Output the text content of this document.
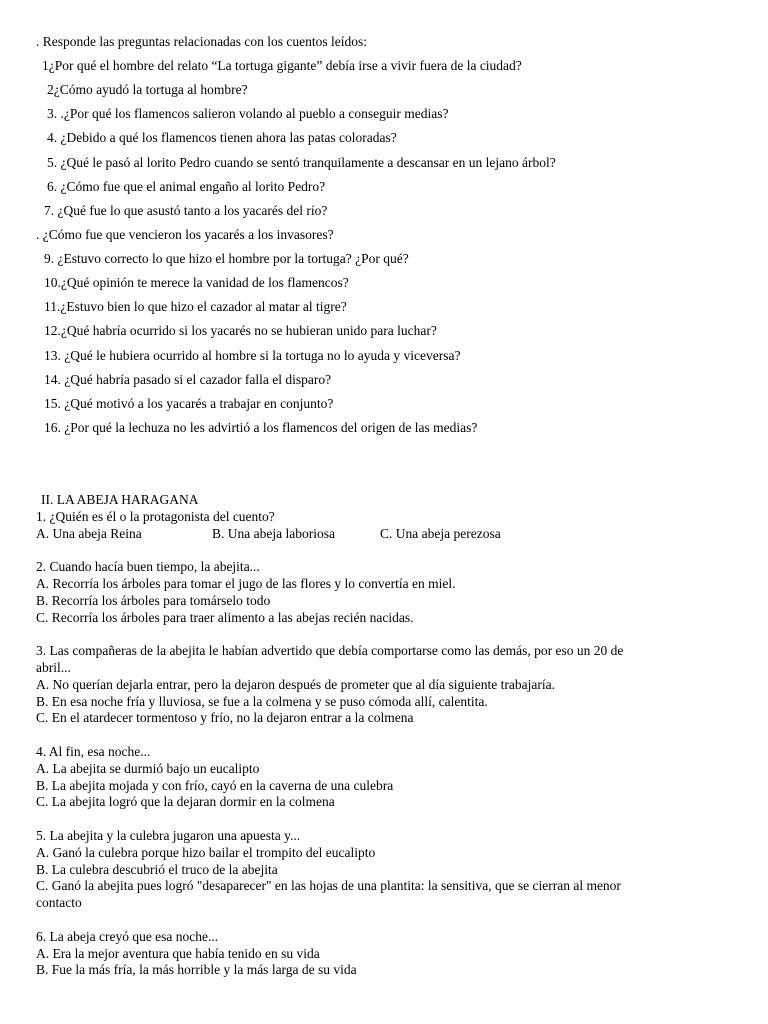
. Responde las preguntas relacionadas con los cuentos leídos:
1¿Por qué el hombre del relato “La tortuga gigante” debía irse a vivir fuera de la ciudad?
2¿Cómo ayudó la tortuga al hombre?
3. .¿Por qué los flamencos salieron volando al pueblo a conseguir medias?
4. ¿Debido a qué los flamencos tienen ahora las patas coloradas?
5. ¿Qué le pasó al lorito Pedro cuando se sentó tranquilamente a descansar en un lejano árbol?
6. ¿Cómo fue que el animal engaño al lorito Pedro?
7. ¿Qué fue lo que asustó tanto a los yacarés del río?
. ¿Cómo fue que vencieron los yacarés a los invasores?
9. ¿Estuvo correcto lo que hizo el hombre por la tortuga? ¿Por qué?
10.¿Qué opinión te merece la vanidad de los flamencos?
11.¿Estuvo bien lo que hizo el cazador al matar al tigre?
12.¿Qué habría ocurrido si los yacarés no se hubieran unido para luchar?
13. ¿Qué le hubiera ocurrido al hombre si la tortuga no lo ayuda y viceversa?
14. ¿Qué habría pasado si el cazador falla el disparo?
15. ¿Qué motivó a los yacarés a trabajar en conjunto?
16. ¿Por qué la lechuza no les advirtió a los flamencos del origen de las medias?
II. LA ABEJA HARAGANA
1. ¿Quién es él o la protagonista del cuento?
A. Una abeja Reina	B. Una abeja laboriosa	C. Una abeja perezosa
2. Cuando hacía buen tiempo, la abejita...
A. Recorría los árboles para tomar el jugo de las flores y lo convertía en miel.
B. Recorría los árboles para tomárselo todo
C. Recorría los árboles para traer alimento a las abejas recién nacidas.
3. Las compañeras de la abejita le habían advertido que debía comportarse como las demás, por eso un 20 de
abril...
A. No querían dejarla entrar, pero la dejaron después de prometer que al día siguiente trabajaría.
B. En esa noche fría y lluviosa, se fue a la colmena y se puso cómoda allí, calentita.
C. En el atardecer tormentoso y frío, no la dejaron entrar a la colmena
4. Al fin, esa noche...
A. La abejita se durmió bajo un eucalipto
B. La abejita mojada y con frío, cayó en la caverna de una culebra
C. La abejita logró que la dejaran dormir en la colmena
5. La abejita y la culebra jugaron una apuesta y...
A. Ganó la culebra porque hizo bailar el trompito del eucalipto
B. La culebra descubrió el truco de la abejita
C. Ganó la abejita pues logró "desaparecer" en las hojas de una plantita: la sensitiva, que se cierran al menor
contacto
6. La abeja creyó que esa noche...
A. Era la mejor aventura que había tenido en su vida
B. Fue la más fría, la más horrible y la más larga de su vida
